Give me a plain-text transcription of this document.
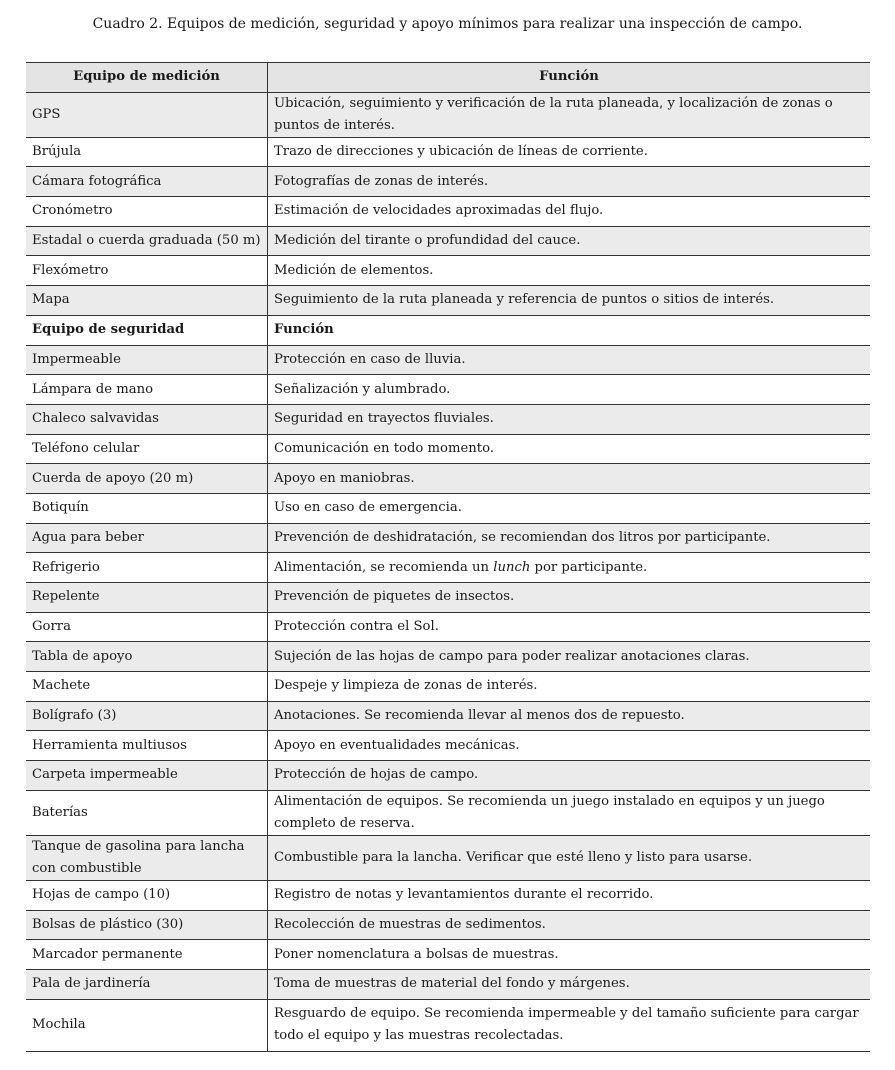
Cuadro 2. Equipos de medición, seguridad y apoyo mínimos para realizar una inspección de campo.
Equipo de medición	Función
GPS	Ubicación, seguimiento y verificación de la ruta planeada, y localización de zonas o puntos de interés.
Brújula	Trazo de direcciones y ubicación de líneas de corriente.
Cámara fotográfica	Fotografías de zonas de interés.
Cronómetro	Estimación de velocidades aproximadas del flujo.
Estadal o cuerda graduada (50 m)	Medición del tirante o profundidad del cauce.
Flexómetro	Medición de elementos.
Mapa	Seguimiento de la ruta planeada y referencia de puntos o sitios de interés.
Equipo de seguridad	Función
Impermeable	Protección en caso de lluvia.
Lámpara de mano	Señalización y alumbrado.
Chaleco salvavidas	Seguridad en trayectos fluviales.
Teléfono celular	Comunicación en todo momento.
Cuerda de apoyo (20 m)	Apoyo en maniobras.
Botiquín	Uso en caso de emergencia.
Agua para beber	Prevención de deshidratación, se recomiendan dos litros por participante.
Refrigerio	Alimentación, se recomienda un lunch por participante.
Repelente	Prevención de piquetes de insectos.
Gorra	Protección contra el Sol.
Tabla de apoyo	Sujeción de las hojas de campo para poder realizar anotaciones claras.
Machete	Despeje y limpieza de zonas de interés.
Bolígrafo (3)	Anotaciones. Se recomienda llevar al menos dos de repuesto.
Herramienta multiusos	Apoyo en eventualidades mecánicas.
Carpeta impermeable	Protección de hojas de campo.
Baterías	Alimentación de equipos. Se recomienda un juego instalado en equipos y un juego completo de reserva.
Tanque de gasolina para lancha con combustible	Combustible para la lancha. Verificar que esté lleno y listo para usarse.
Hojas de campo (10)	Registro de notas y levantamientos durante el recorrido.
Bolsas de plástico (30)	Recolección de muestras de sedimentos.
Marcador permanente	Poner nomenclatura a bolsas de muestras.
Pala de jardinería	Toma de muestras de material del fondo y márgenes.
Mochila	Resguardo de equipo. Se recomienda impermeable y del tamaño suficiente para cargar todo el equipo y las muestras recolectadas.
